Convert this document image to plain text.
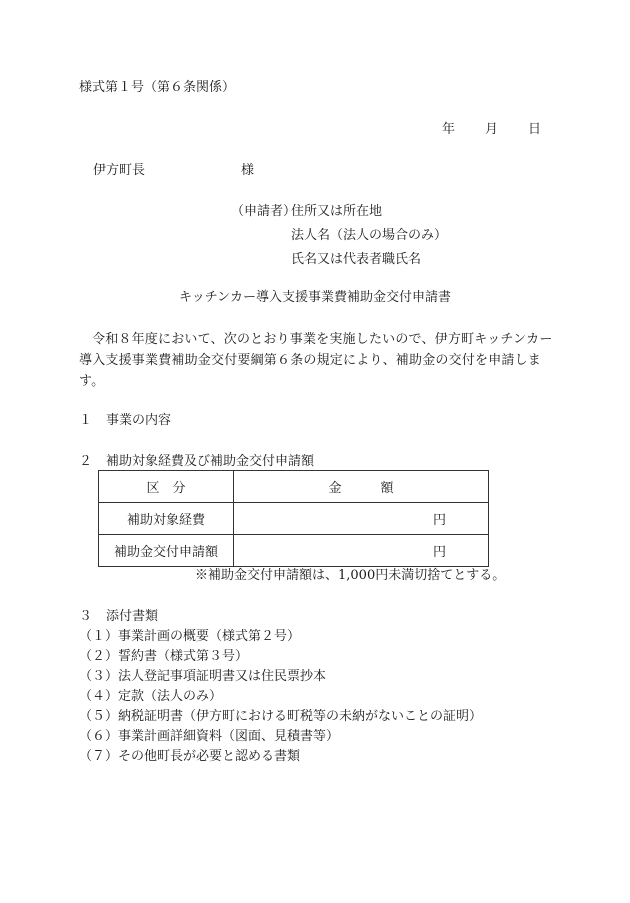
様式第１号（第６条関係）
年 月 日
伊方町長	様
（申請者）住所又は所在地
法人名（法人の場合のみ）
氏名又は代表者職氏名
キッチンカー導入支援事業費補助金交付申請書
令和８年度において、次のとおり事業を実施したいので、伊方町キッチンカー導入支援事業費補助金交付要綱第６条の規定により、補助金の交付を申請します。
１ 事業の内容
２ 補助対象経費及び補助金交付申請額
区　分	金　　　額
補助対象経費	円
補助金交付申請額	円
※補助金交付申請額は、1,000円未満切捨てとする。
３ 添付書類
（１）事業計画の概要（様式第２号）
（２）誓約書（様式第３号）
（３）法人登記事項証明書又は住民票抄本
（４）定款（法人のみ）
（５）納税証明書（伊方町における町税等の未納がないことの証明）
（６）事業計画詳細資料（図面、見積書等）
（７）その他町長が必要と認める書類
